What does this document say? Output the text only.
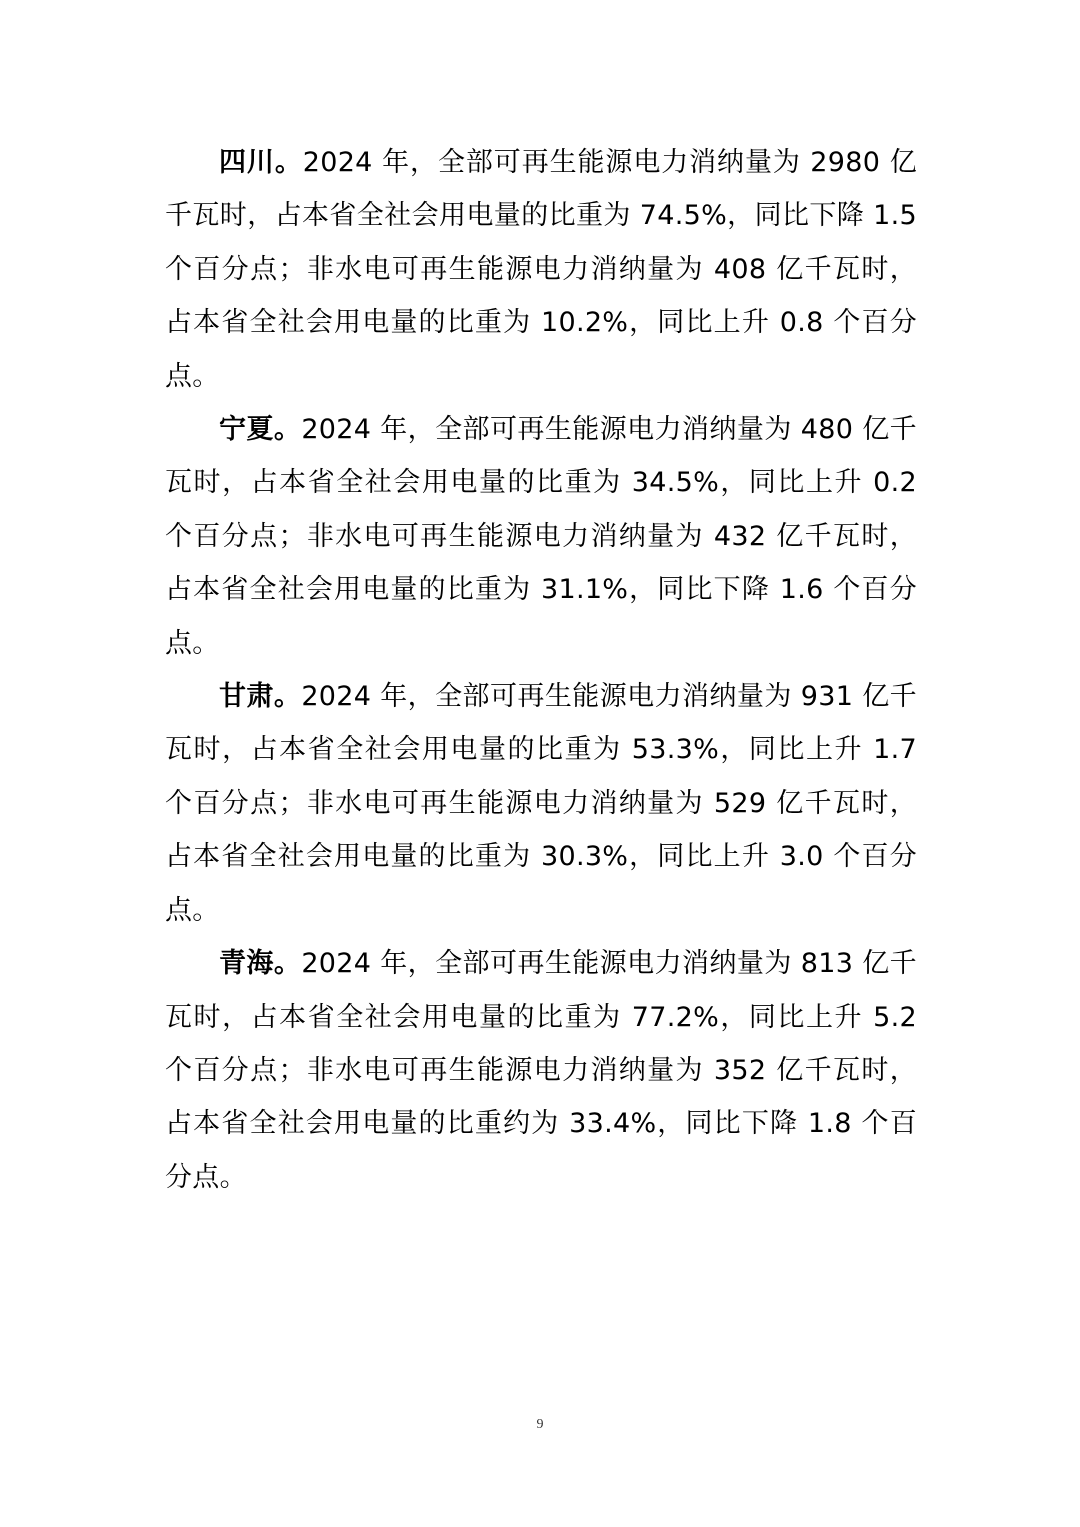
四川。2024 年，全部可再生能源电力消纳量为 2980 亿千瓦时，占本省全社会用电量的比重为 74.5%，同比下降 1.5 个百分点；非水电可再生能源电力消纳量为 408 亿千瓦时，占本省全社会用电量的比重为 10.2%，同比上升 0.8 个百分点。

宁夏。2024 年，全部可再生能源电力消纳量为 480 亿千瓦时，占本省全社会用电量的比重为 34.5%，同比上升 0.2 个百分点；非水电可再生能源电力消纳量为 432 亿千瓦时，占本省全社会用电量的比重为 31.1%，同比下降 1.6 个百分点。

甘肃。2024 年，全部可再生能源电力消纳量为 931 亿千瓦时，占本省全社会用电量的比重为 53.3%，同比上升 1.7 个百分点；非水电可再生能源电力消纳量为 529 亿千瓦时，占本省全社会用电量的比重为 30.3%，同比上升 3.0 个百分点。

青海。2024 年，全部可再生能源电力消纳量为 813 亿千瓦时，占本省全社会用电量的比重为 77.2%，同比上升 5.2 个百分点；非水电可再生能源电力消纳量为 352 亿千瓦时，占本省全社会用电量的比重约为 33.4%，同比下降 1.8 个百分点。

9
